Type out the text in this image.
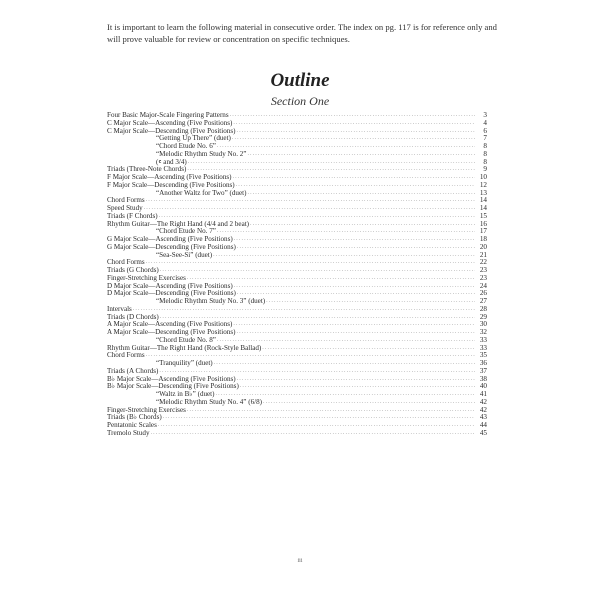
It is important to learn the following material in consecutive order. The index on pg. 117 is for reference only and will prove valuable for review or concentration on specific techniques.
Outline
Section One
Four Basic Major-Scale Fingering Patterns .....	3
C Major Scale—Ascending (Five Positions) .....	4
C Major Scale—Descending (Five Positions) .....	6
“Getting Up There” (duet) .....	7
“Chord Etude No. 6” .....	8
“Melodic Rhythm Study No. 2” .....	8
(𝄴 and 3/4) .....	8
Triads (Three-Note Chords) .....	9
F Major Scale—Ascending (Five Positions) .....	10
F Major Scale—Descending (Five Positions) .....	12
“Another Waltz for Two” (duet) .....	13
Chord Forms .....	14
Speed Study .....	14
Triads (F Chords) .....	15
Rhythm Guitar—The Right Hand (4/4 and 2 beat) .....	16
“Chord Etude No. 7” .....	17
G Major Scale—Ascending (Five Positions) .....	18
G Major Scale—Descending (Five Positions) .....	20
“Sea-See-Si” (duet) .....	21
Chord Forms .....	22
Triads (G Chords) .....	23
Finger-Stretching Exercises .....	23
D Major Scale—Ascending (Five Positions) .....	24
D Major Scale—Descending (Five Positions) .....	26
“Melodic Rhythm Study No. 3” (duet) .....	27
Intervals .....	28
Triads (D Chords) .....	29
A Major Scale—Ascending (Five Positions) .....	30
A Major Scale—Descending (Five Positions) .....	32
“Chord Etude No. 8” .....	33
Rhythm Guitar—The Right Hand (Rock-Style Ballad) .....	33
Chord Forms .....	35
“Tranquility” (duet) .....	36
Triads (A Chords) .....	37
B♭ Major Scale—Ascending (Five Positions) .....	38
B♭ Major Scale—Descending (Five Positions) .....	40
“Waltz in B♭” (duet) .....	41
“Melodic Rhythm Study No. 4” (6/8) .....	42
Finger-Stretching Exercises .....	42
Triads (B♭ Chords) .....	43
Pentatonic Scales .....	44
Tremolo Study .....	45
iii
